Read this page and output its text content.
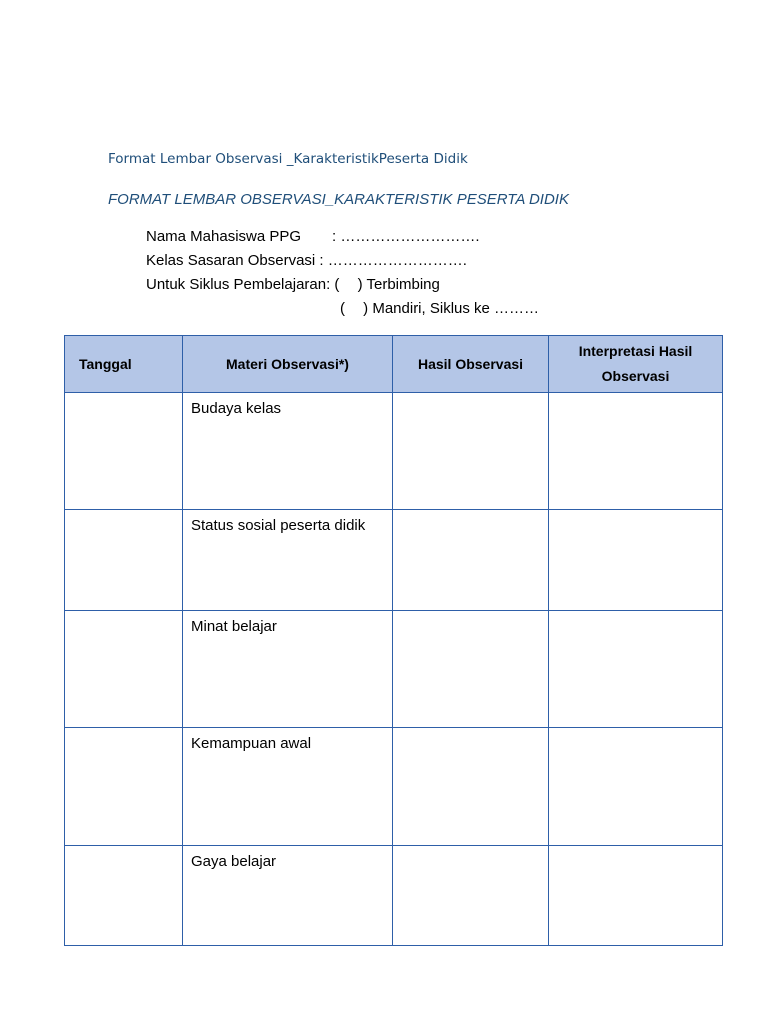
Format Lembar Observasi _KarakteristikPeserta Didik
FORMAT LEMBAR OBSERVASI_KARAKTERISTIK PESERTA DIDIK
Nama Mahasiswa PPG : ……………………….
Kelas Sasaran Observasi : ……………………….
Untuk Siklus Pembelajaran: ( ) Terbimbing
( ) Mandiri, Siklus ke ………
Tanggal	Materi Observasi*)	Hasil Observasi	Interpretasi Hasil Observasi

	Budaya kelas		

	Status sosial peserta didik		

	Minat belajar		

	Kemampuan awal		

	Gaya belajar		
